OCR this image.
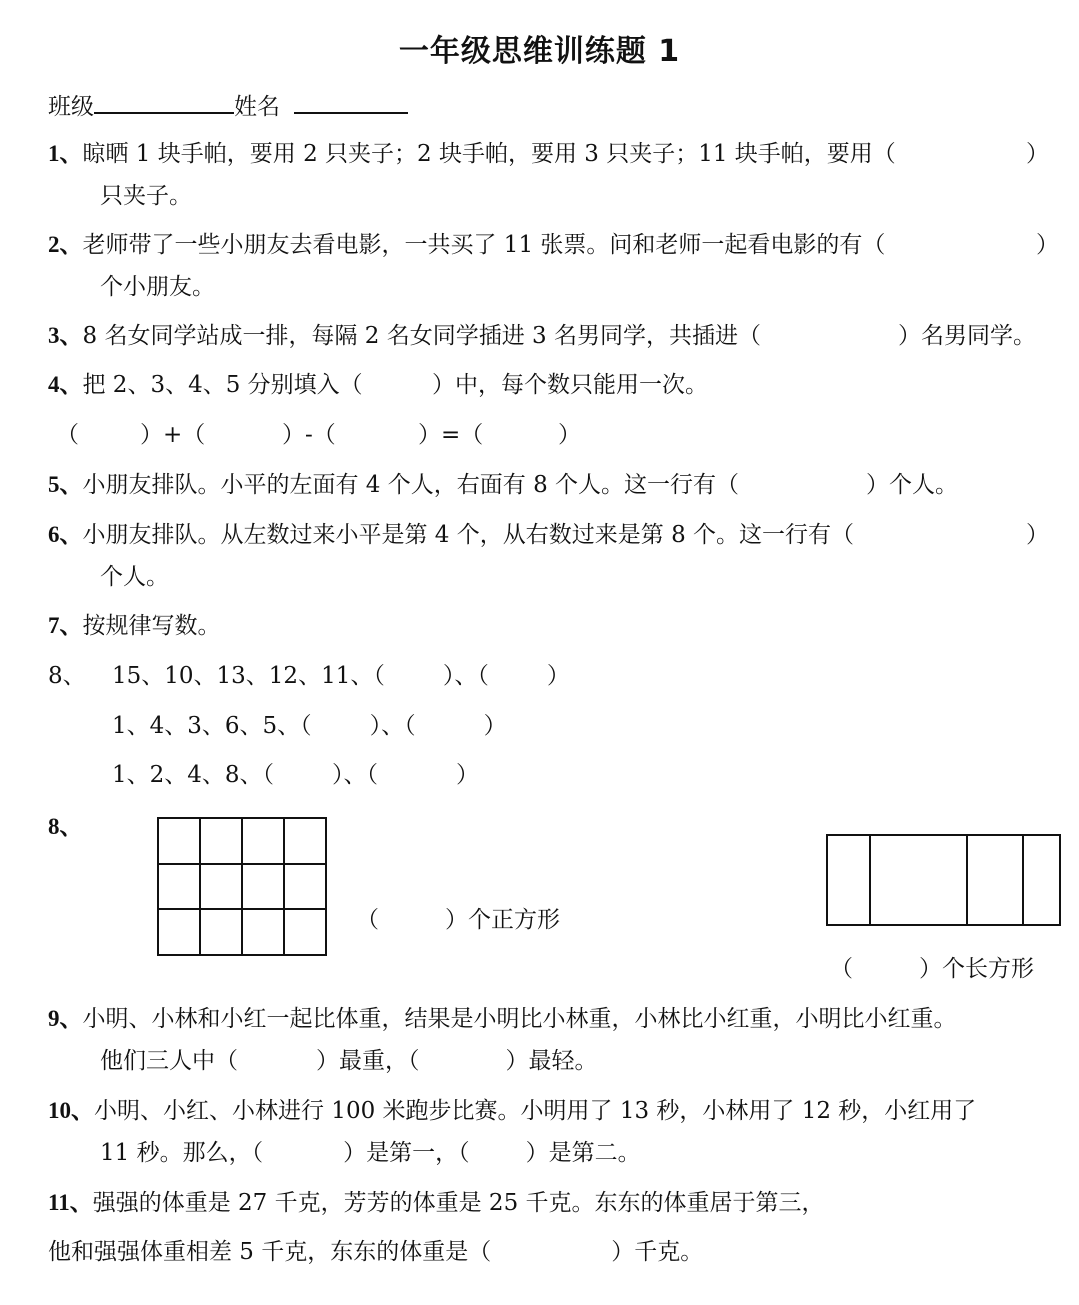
一年级思维训练题 1
班级	姓名
1、晾晒 1 块手帕，要用 2 只夹子；2 块手帕，要用 3 只夹子；11 块手帕，要用（	）
只夹子。
2、老师带了一些小朋友去看电影，一共买了 11 张票。问和老师一起看电影的有（	）
个小朋友。
3、8 名女同学站成一排，每隔 2 名女同学插进 3 名男同学，共插进（	）名男同学。
4、把 2、3、4、5 分别填入（	）中，每个数只能用一次。
（	）+（	）-（	）=（	）
5、小朋友排队。小平的左面有 4 个人，右面有 8 个人。这一行有（	）个人。
6、小朋友排队。从左数过来小平是第 4 个，从右数过来是第 8 个。这一行有（	）
个人。
7、按规律写数。
8、 15、10、13、12、11、（	）、（	）
1、4、3、6、5、（	）、（	）
1、2、4、8、（	）、（	）
8、

（	）个正方形
（	）个长方形
9、小明、小林和小红一起比体重，结果是小明比小林重，小林比小红重，小明比小红重。
他们三人中（	）最重，（	）最轻。
10、小明、小红、小林进行 100 米跑步比赛。小明用了 13 秒，小林用了 12 秒，小红用了
11 秒。那么，（	）是第一，（ ）是第二。
11、强强的体重是 27 千克，芳芳的体重是 25 千克。东东的体重居于第三，
他和强强体重相差 5 千克，东东的体重是（	）千克。
